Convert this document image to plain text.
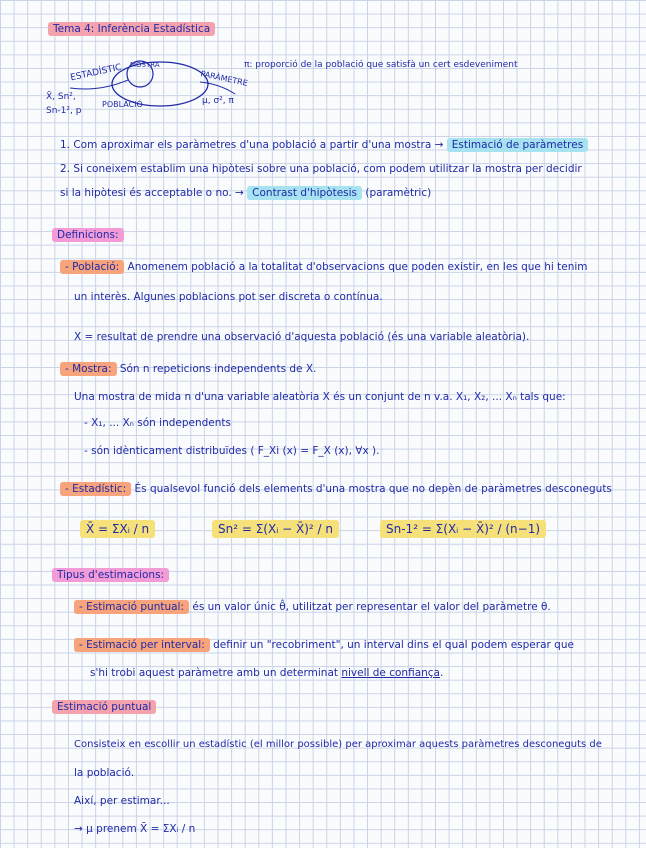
Tema 4: Inferència Estadística
ESTADÍSTIC MOSTRA
PARÀMETRE
POBLACIÓ
X̄, Sn²,
Sn-1², p
μ, σ², π
π: proporció de la població que satisfà un cert esdeveniment
1. Com aproximar els paràmetres d'una població a partir d'una mostra → Estimació de paràmetres
2. Si coneixem establim una hipòtesi sobre una població, com podem utilitzar la mostra per decidir
si la hipòtesi és acceptable o no. → Contrast d'hipòtesis (paramètric)
Definicions:
- Població: Anomenem població a la totalitat d'observacions que poden existir, en les que hi tenim
un interès. Algunes poblacions pot ser discreta o contínua.
X = resultat de prendre una observació d'aquesta població (és una variable aleatòria).
- Mostra: Són n repeticions independents de X.
Una mostra de mida n d'una variable aleatòria X és un conjunt de n v.a. X₁, X₂, ... Xₙ tals que:
- X₁, ... Xₙ són independents
- són idènticament distribuïdes ( F_Xi (x) = F_X (x), ∀x ).
- Estadístic: És qualsevol funció dels elements d'una mostra que no depèn de paràmetres desconeguts
X̄ = ΣXᵢ / n	Sn² = Σ(Xᵢ − X̄)² / n	Sn-1² = Σ(Xᵢ − X̄)² / (n−1)
Tipus d'estimacions:
- Estimació puntual: és un valor únic θ̂, utilitzat per representar el valor del paràmetre θ.
- Estimació per interval: definir un "recobriment", un interval dins el qual podem esperar que
s'hi trobi aquest paràmetre amb un determinat nivell de confiança.
Estimació puntual
Consisteix en escollir un estadístic (el millor possible) per aproximar aquests paràmetres desconeguts de
la població.
Així, per estimar...
→ μ prenem X̄ = ΣXᵢ / n
